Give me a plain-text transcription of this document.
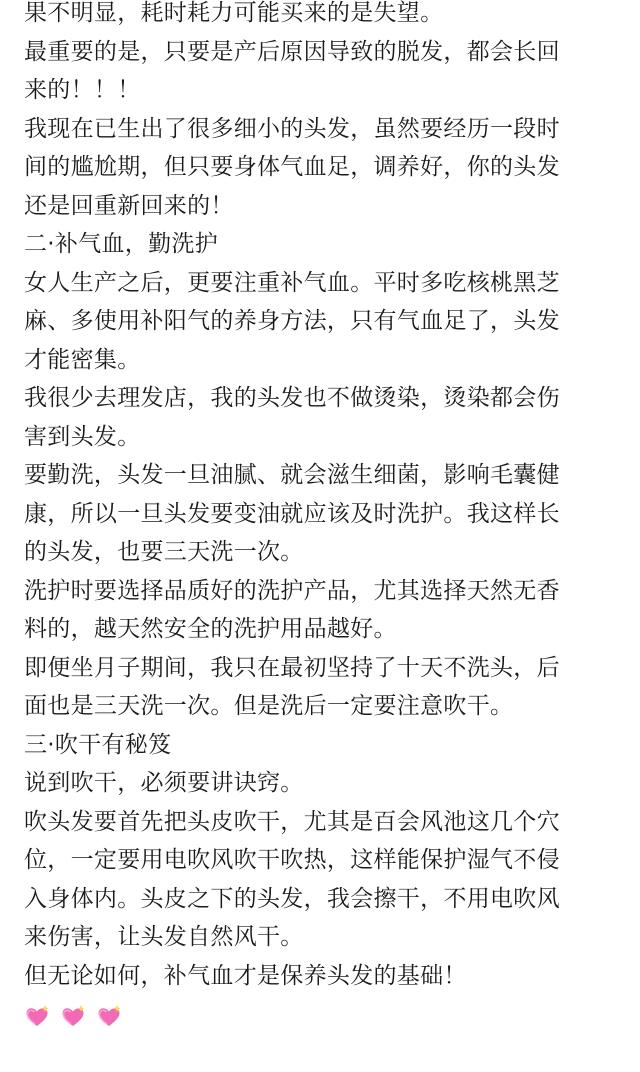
果不明显，耗时耗力可能买来的是失望。
最重要的是，只要是产后原因导致的脱发，都会长回
来的！！！
我现在已生出了很多细小的头发，虽然要经历一段时
间的尴尬期，但只要身体气血足，调养好，你的头发
还是回重新回来的！
二·补气血，勤洗护
女人生产之后，更要注重补气血。平时多吃核桃黑芝
麻、多使用补阳气的养身方法，只有气血足了，头发
才能密集。
我很少去理发店，我的头发也不做烫染，烫染都会伤
害到头发。
要勤洗，头发一旦油腻、就会滋生细菌，影响毛囊健
康，所以一旦头发要变油就应该及时洗护。我这样长
的头发，也要三天洗一次。
洗护时要选择品质好的洗护产品，尤其选择天然无香
料的，越天然安全的洗护用品越好。
即便坐月子期间，我只在最初坚持了十天不洗头，后
面也是三天洗一次。但是洗后一定要注意吹干。
三·吹干有秘笈
说到吹干，必须要讲诀窍。
吹头发要首先把头皮吹干，尤其是百会风池这几个穴
位，一定要用电吹风吹干吹热，这样能保护湿气不侵
入身体内。头皮之下的头发，我会擦干，不用电吹风
来伤害，让头发自然风干。
但无论如何，补气血才是保养头发的基础！
